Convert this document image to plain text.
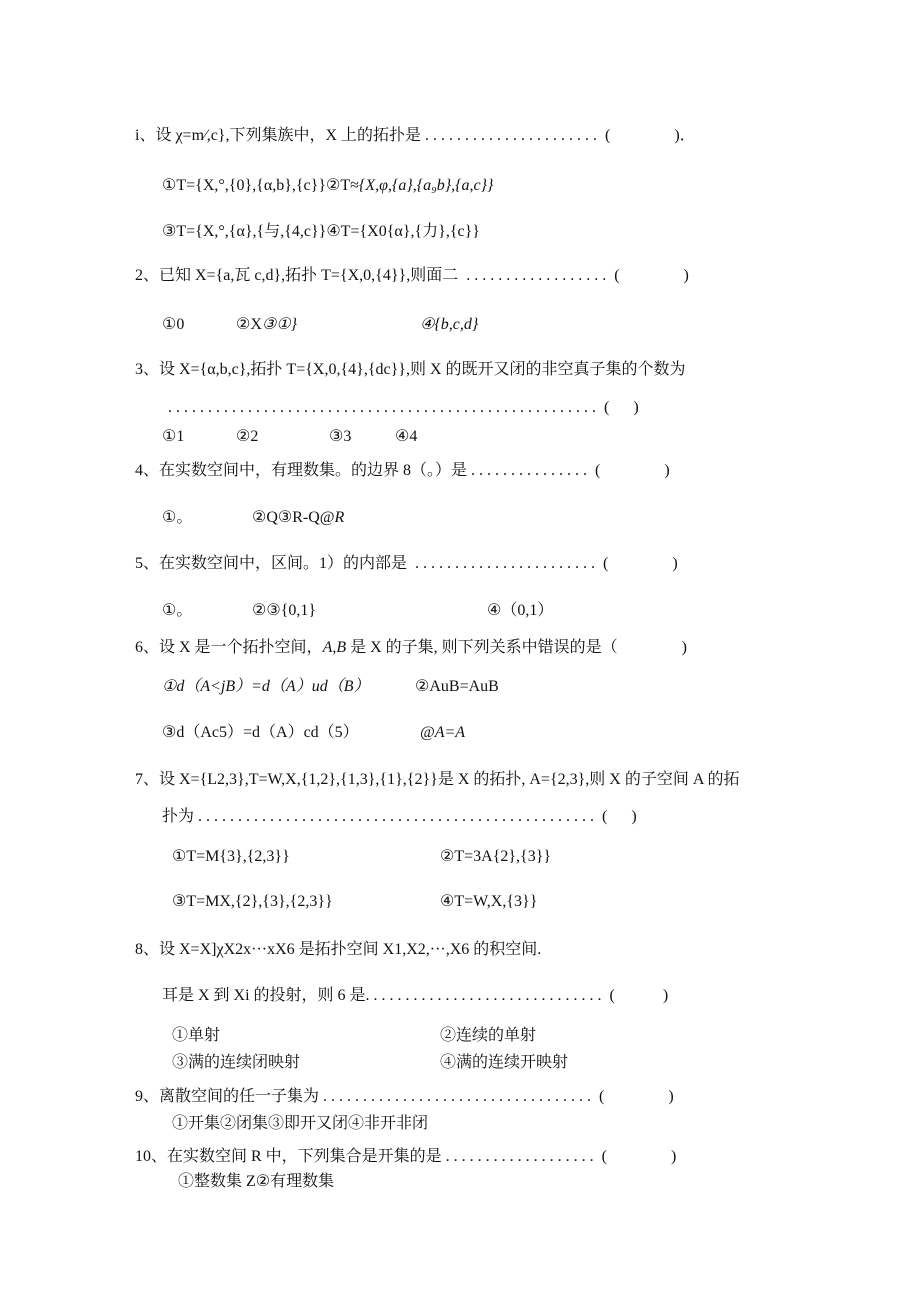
i、设 χ=m∕,c},下列集族中，X 上的拓扑是 . . . . . . . . . . . . . . . . . . . . . .  (                )．
①T={X,°,{0},{α,b},{c}}②T≈{X,φ,{a},{a₉b},{a,c}}
③T={X,°,{α},{与,{4,c}}④T={X0{α},{力},{c}}
2、已知 X={a,瓦 c,d},拓扑 T={X,0,{4}},则面二  . . . . . . . . . . . . . . . . . .  (                )
①0	②X③①}	④{b,c,d}
3、设 X={α,b,c},拓扑 T={X,0,{4},{dc}},则 X 的既开又闭的非空真子集的个数为
. . . . . . . . . . . . . . . . . . . . . . . . . . . . . . . . . . . . . . . . . . . . . . . . . . . . . .  (      )
①1	②2	③3	④4
4、在实数空间中，有理数集。的边界 8（。）是 . . . . . . . . . . . . . . .  (                )
①。	②Q③R-Q@R
5、在实数空间中，区间。1）的内部是  . . . . . . . . . . . . . . . . . . . . . . .  (                )
①。	②③{0,1}	④（0,1）
6、设 X 是一个拓扑空间，A,B 是 X 的子集, 则下列关系中错误的是（                )
①d（A<jB）=d（A）ud（B）	②AuB=AuB
③d（Ac5）=d（A）cd（5）	@A=A
7、设 X={L2,3},T=W,X,{1,2},{1,3},{1},{2}}是 X 的拓扑, A={2,3},则 X 的子空间 A 的拓
扑为 . . . . . . . . . . . . . . . . . . . . . . . . . . . . . . . . . . . . . . . . . . . . . . . . . .  (      )
①T=M{3},{2,3}}	②T=3A{2},{3}}
③T=MX,{2},{3},{2,3}}	④T=W,X,{3}}
8、设 X=X]χX2x···xX6 是拓扑空间 X1,X2,···,X6 的积空间.
耳是 X 到 Xi 的投射，则 6 是. . . . . . . . . . . . . . . . . . . . . . . . . . . . . .  (            )
①单射	②连续的单射
③满的连续闭映射	④满的连续开映射
9、离散空间的任一子集为 . . . . . . . . . . . . . . . . . . . . . . . . . . . . . . . . . .  (                )
①开集②闭集③即开又闭④非开非闭
10、在实数空间 R 中，下列集合是开集的是 . . . . . . . . . . . . . . . . . . .  (                )
①整数集 Z②有理数集
